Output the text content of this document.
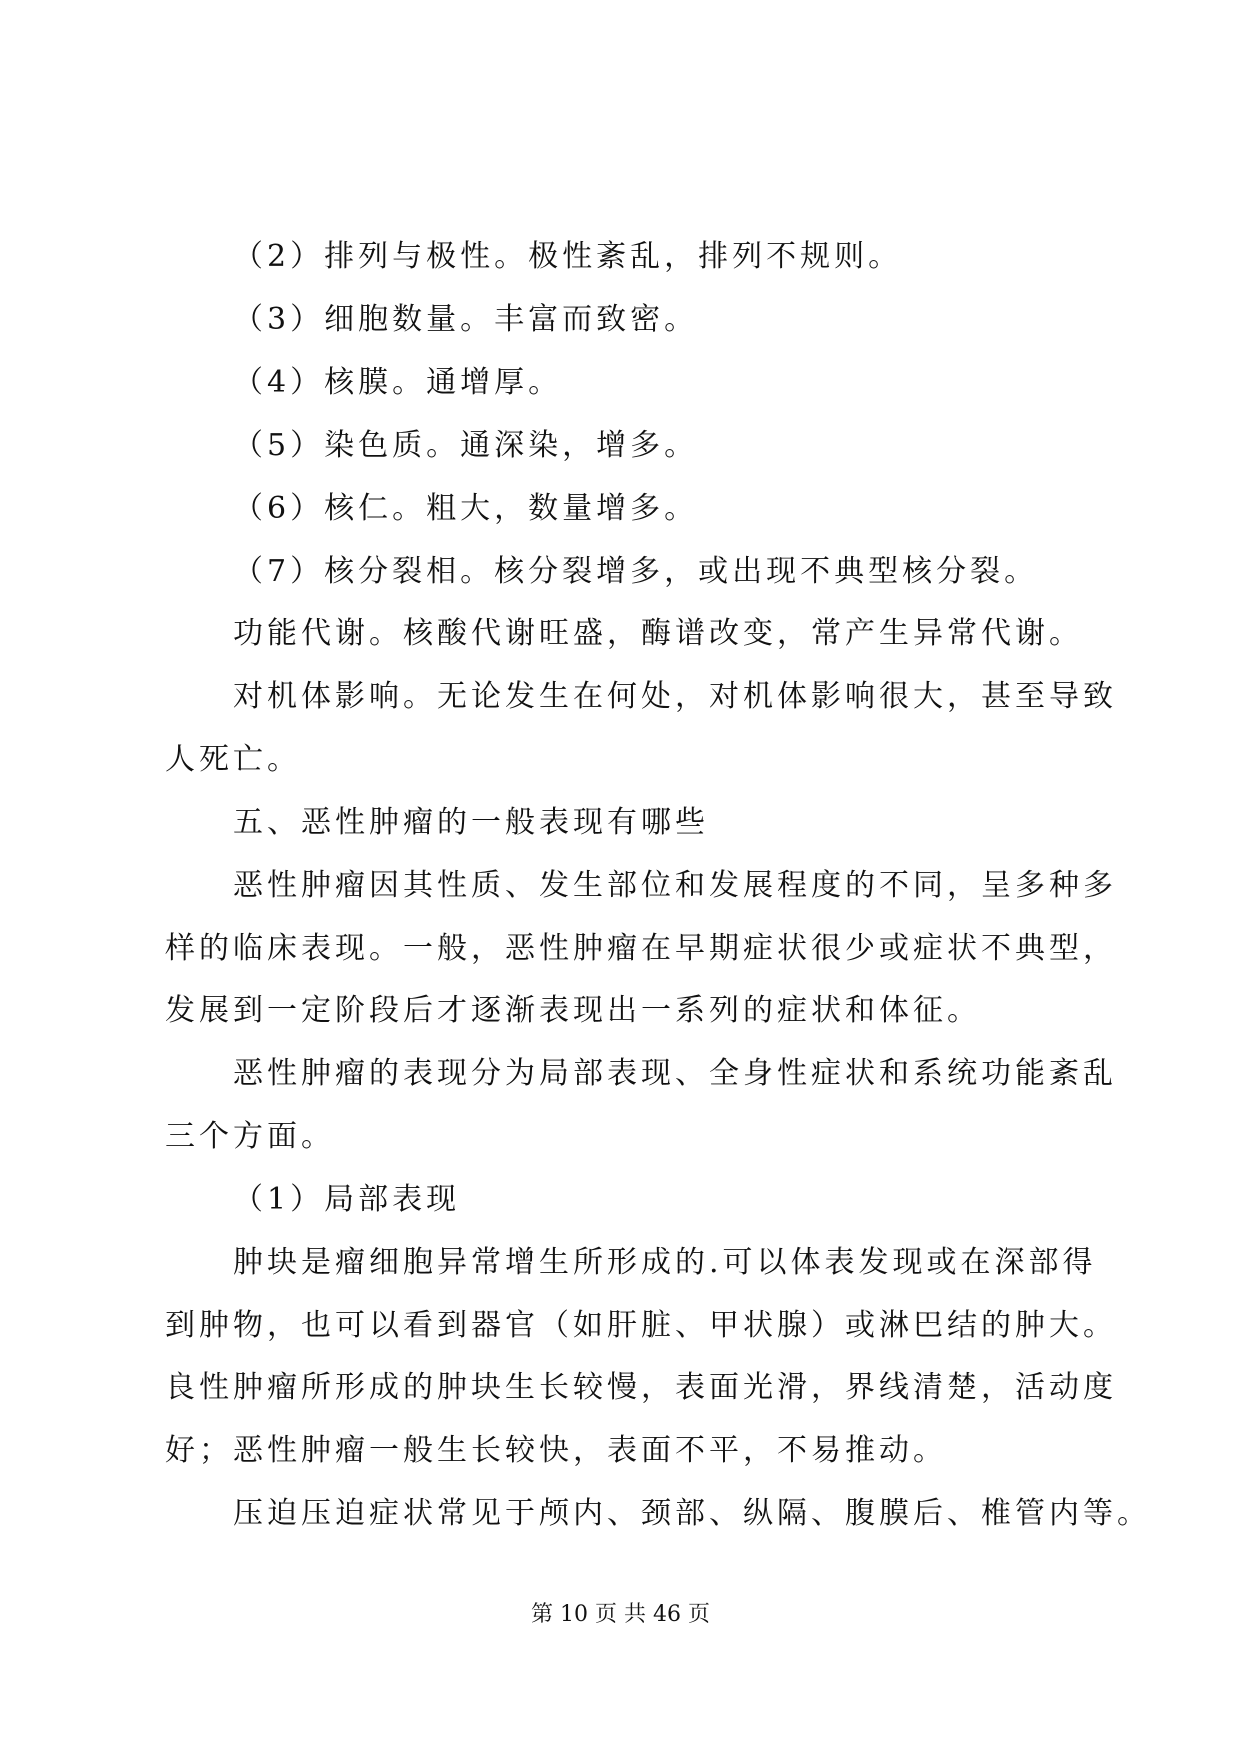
（2）排列与极性。极性紊乱，排列不规则。
（3）细胞数量。丰富而致密。
（4）核膜。通增厚。
（5）染色质。通深染，增多。
（6）核仁。粗大，数量增多。
（7）核分裂相。核分裂增多，或出现不典型核分裂。
功能代谢。核酸代谢旺盛，酶谱改变，常产生异常代谢。
对机体影响。无论发生在何处，对机体影响很大，甚至导致
人死亡。
五、恶性肿瘤的一般表现有哪些
恶性肿瘤因其性质、发生部位和发展程度的不同，呈多种多
样的临床表现。一般，恶性肿瘤在早期症状很少或症状不典型，
发展到一定阶段后才逐渐表现出一系列的症状和体征。
恶性肿瘤的表现分为局部表现、全身性症状和系统功能紊乱
三个方面。
（1）局部表现
肿块是瘤细胞异常增生所形成的.可以体表发现或在深部得
到肿物，也可以看到器官（如肝脏、甲状腺）或淋巴结的肿大。
良性肿瘤所形成的肿块生长较慢，表面光滑，界线清楚，活动度
好；恶性肿瘤一般生长较快，表面不平，不易推动。
压迫压迫症状常见于颅内、颈部、纵隔、腹膜后、椎管内等。
第 10 页 共 46 页
